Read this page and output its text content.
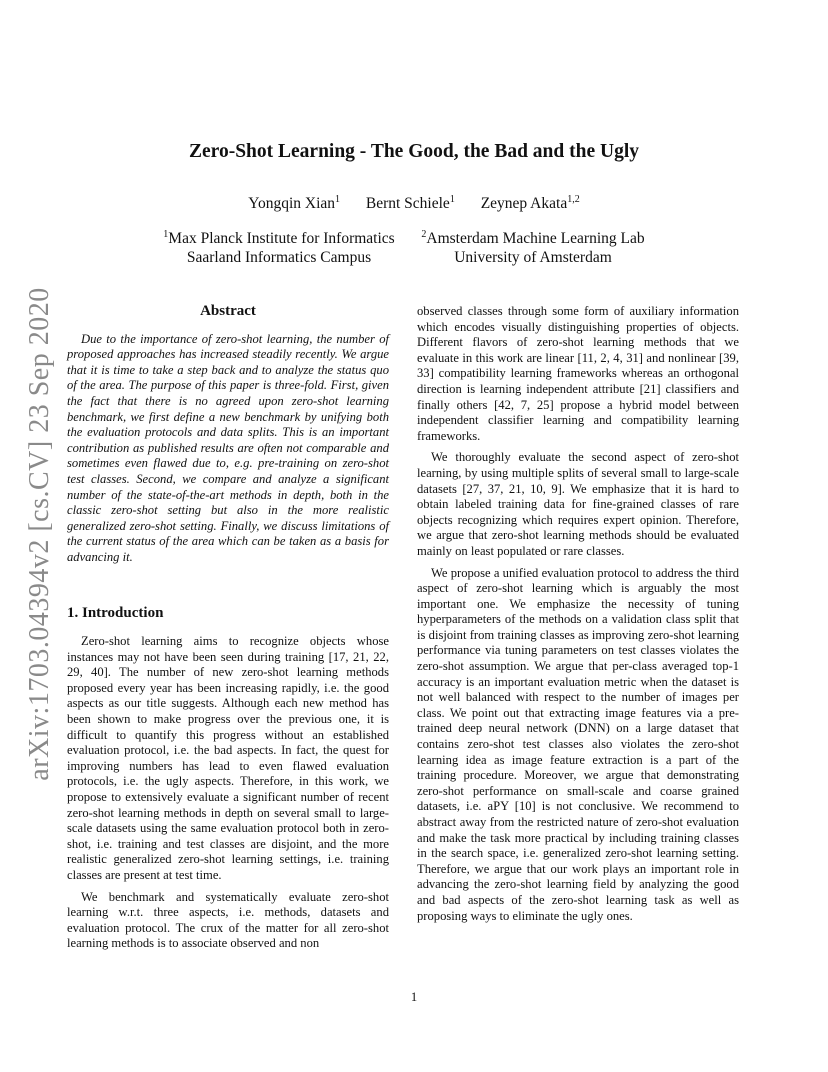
arXiv:1703.04394v2 [cs.CV] 23 Sep 2020
Zero-Shot Learning - The Good, the Bad and the Ugly
Yongqin Xian$^1$ Bernt Schiele$^1$ Zeynep Akata$^{1,2}$
$^1$Max Planck Institute for Informatics
Saarland Informatics Campus
$^2$Amsterdam Machine Learning Lab
University of Amsterdam
Abstract

Due to the importance of zero-shot learning, the number of proposed approaches has increased steadily recently. We argue that it is time to take a step back and to analyze the status quo of the area. The purpose of this paper is three-fold. First, given the fact that there is no agreed upon zero-shot learning benchmark, we first define a new benchmark by unifying both the evaluation protocols and data splits. This is an important contribution as published results are often not comparable and sometimes even flawed due to, e.g. pre-training on zero-shot test classes. Second, we compare and analyze a significant number of the state-of-the-art methods in depth, both in the classic zero-shot setting but also in the more realistic generalized zero-shot setting. Finally, we discuss limitations of the current status of the area which can be taken as a basis for advancing it.

1. Introduction

Zero-shot learning aims to recognize objects whose instances may not have been seen during training [17, 21, 22, 29, 40]. The number of new zero-shot learning methods proposed every year has been increasing rapidly, i.e. the good aspects as our title suggests. Although each new method has been shown to make progress over the previous one, it is difficult to quantify this progress without an established evaluation protocol, i.e. the bad aspects. In fact, the quest for improving numbers has lead to even flawed evaluation protocols, i.e. the ugly aspects. Therefore, in this work, we propose to extensively evaluate a significant number of recent zero-shot learning methods in depth on several small to large-scale datasets using the same evaluation protocol both in zero-shot, i.e. training and test classes are disjoint, and the more realistic generalized zero-shot learning settings, i.e. training classes are present at test time.

We benchmark and systematically evaluate zero-shot learning w.r.t. three aspects, i.e. methods, datasets and evaluation protocol. The crux of the matter for all zero-shot learning methods is to associate observed and non

observed classes through some form of auxiliary information which encodes visually distinguishing properties of objects. Different flavors of zero-shot learning methods that we evaluate in this work are linear [11, 2, 4, 31] and nonlinear [39, 33] compatibility learning frameworks whereas an orthogonal direction is learning independent attribute [21] classifiers and finally others [42, 7, 25] propose a hybrid model between independent classifier learning and compatibility learning frameworks.

We thoroughly evaluate the second aspect of zero-shot learning, by using multiple splits of several small to large-scale datasets [27, 37, 21, 10, 9]. We emphasize that it is hard to obtain labeled training data for fine-grained classes of rare objects recognizing which requires expert opinion. Therefore, we argue that zero-shot learning methods should be evaluated mainly on least populated or rare classes.

We propose a unified evaluation protocol to address the third aspect of zero-shot learning which is arguably the most important one. We emphasize the necessity of tuning hyperparameters of the methods on a validation class split that is disjoint from training classes as improving zero-shot learning performance via tuning parameters on test classes violates the zero-shot assumption. We argue that per-class averaged top-1 accuracy is an important evaluation metric when the dataset is not well balanced with respect to the number of images per class. We point out that extracting image features via a pre-trained deep neural network (DNN) on a large dataset that contains zero-shot test classes also violates the zero-shot learning idea as image feature extraction is a part of the training procedure. Moreover, we argue that demonstrating zero-shot performance on small-scale and coarse grained datasets, i.e. aPY [10] is not conclusive. We recommend to abstract away from the restricted nature of zero-shot evaluation and make the task more practical by including training classes in the search space, i.e. generalized zero-shot learning setting. Therefore, we argue that our work plays an important role in advancing the zero-shot learning field by analyzing the good and bad aspects of the zero-shot learning task as well as proposing ways to eliminate the ugly ones.

1
